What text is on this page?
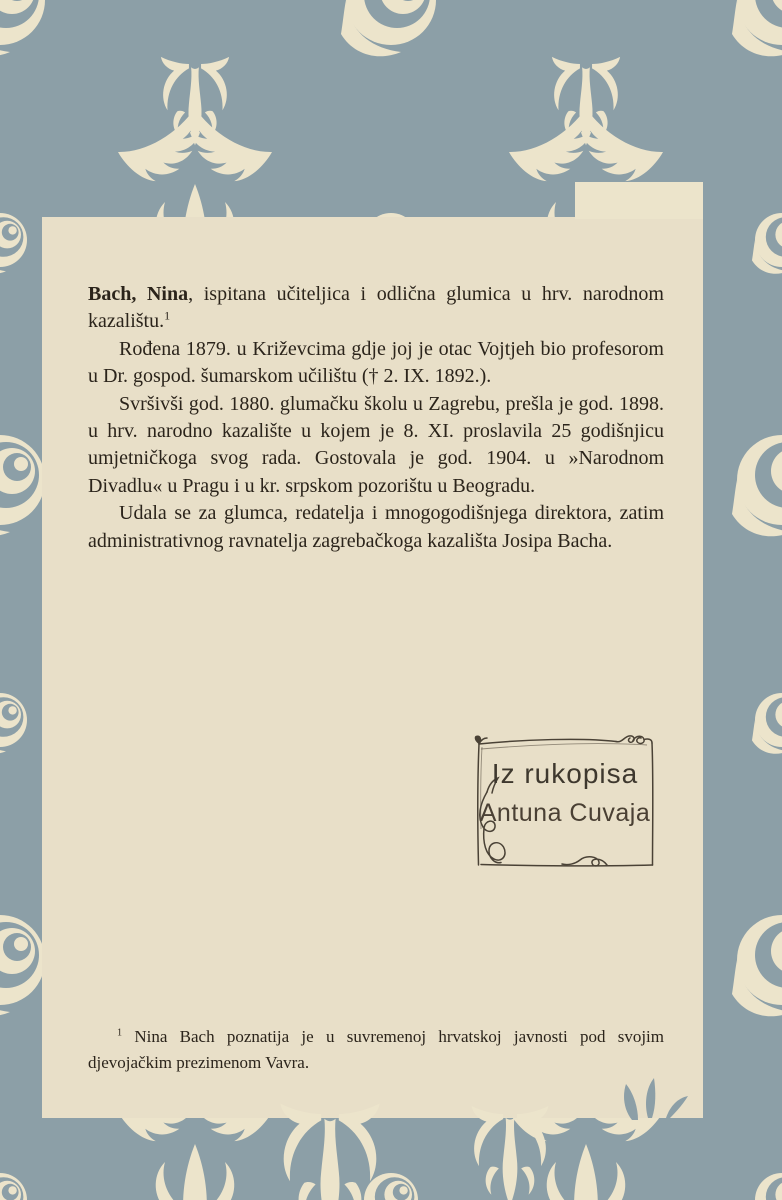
Bach, Nina, ispitana učiteljica i odlična glumica u hrv. narodnom kazalištu.$^1$

Rođena 1879. u Križevcima gdje joj je otac Vojtjeh bio profesorom u Dr. gospod. šumarskom učilištu († 2. IX. 1892.).

Svršivši god. 1880. glumačku školu u Zagrebu, prešla je god. 1898. u hrv. narodno kazalište u kojem je 8. XI. proslavila 25 godišnjicu umjetničkoga svog rada. Gostovala je god. 1904. u »Narodnom Divadlu« u Pragu i u kr. srpskom pozorištu u Beogradu.

Udala se za glumca, redatelja i mnogogodišnjega direktora, zatim administrativnog ravnatelja zagrebačkoga kazališta Josipa Bacha.

Iz rukopisa
Antuna Cuvaja
$^1$ Nina Bach poznatija je u suvremenoj hrvatskoj javnosti pod svojim djevojačkim prezimenom Vavra.
